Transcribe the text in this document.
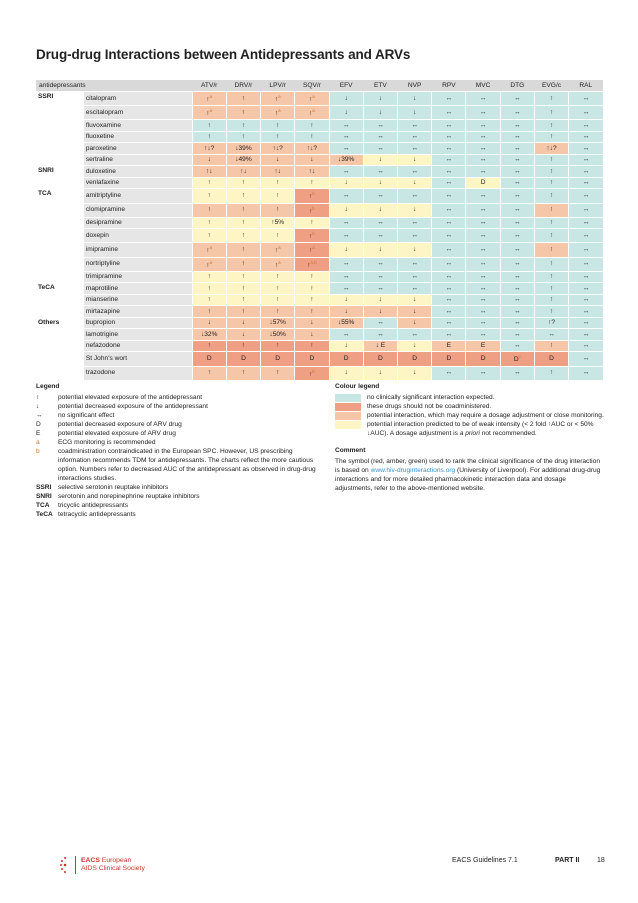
Drug-drug Interactions between Antidepressants and ARVs
antidepressants		ATV/r	DRV/r	LPV/r	SQV/r	EFV	ETV	NVP	RPV	MVC	DTG	EVG/c	RAL
SSRI	citalopram	↑$^a$	↑	↑$^a$	↑$^a$	↓	↓	↓	↔	↔	↔	↑	↔
	escitalopram	↑$^a$	↑	↑$^a$	↑$^a$	↓	↓	↓	↔	↔	↔	↑	↔
	fluvoxamine	↑	↑	↑	↑	↔	↔	↔	↔	↔	↔	↑	↔
	fluoxetine	↑	↑	↑	↑	↔	↔	↔	↔	↔	↔	↑	↔
	paroxetine	↑↓?	↓39%	↑↓?	↑↓?	↔	↔	↔	↔	↔	↔	↑↓?	↔
	sertraline	↓	↓49%	↓	↓	↓39%	↓	↓	↔	↔	↔	↑	↔
SNRI	duloxetine	↑↓	↑↓	↑↓	↑↓	↔	↔	↔	↔	↔	↔	↑	↔
	venlafaxine	↑	↑	↑	↑	↓	↓	↓	↔	D	↔	↑	↔
TCA	amitriptyline	↑	↑	↑	↑$^b$	↔	↔	↔	↔	↔	↔	↑	↔
	clomipramine	↑	↑	↑	↑$^b$	↓	↓	↓	↔	↔	↔	↑	↔
	desipramine	↑	↑	↑5%	↑	↔	↔	↔	↔	↔	↔	↑	↔
	doxepin	↑	↑	↑	↑$^b$	↔	↔	↔	↔	↔	↔	↑	↔
	imipramine	↑$^a$	↑	↑$^a$	↑$^a$	↓	↓	↓	↔	↔	↔	↑	↔
	nortriptyline	↑$^a$	↑	↑$^a$	↑$^{a,b}$	↔	↔	↔	↔	↔	↔	↑	↔
	trimipramine	↑	↑	↑	↑	↔	↔	↔	↔	↔	↔	↑	↔
TeCA	maprotiline	↑	↑	↑	↑	↔	↔	↔	↔	↔	↔	↑	↔
	mianserine	↑	↑	↑	↑	↓	↓	↓	↔	↔	↔	↑	↔
	mirtazapine	↑	↑	↑	↑	↓	↓	↓	↔	↔	↔	↑	↔
Others	bupropion	↓	↓	↓57%	↓	↓55%	↔	↓	↔	↔	↔	↑?	↔
	lamotrigine	↓32%	↓	↓50%	↓	↔	↔	↔	↔	↔	↔	↔	↔
	nefazodone	↑	↑	↑	↑	↓	↓ E	↓	E	E	↔	↑	↔
	St John's wort	D	D	D	D	D	D	D	D	D	$D^c$	D	↔
	trazodone	↑	↑	↑	↑$^b$	↓	↓	↓	↔	↔	↔	↑	↔
Legend
↑	potential elevated exposure of the antidepressant
↓	potential decreased exposure of the antidepressant
↔	no significant effect
D	potential decreased exposure of ARV drug
E	potential elevated exposure of ARV drug
a	ECG monitoring is recommended
b	coadministration contraindicated in the European SPC. However, US prescribing information recommends TDM for antidepressants. The charts reflect the more cautious option. Numbers refer to decreased AUC of the antidepressant as observed in drug-drug interactions studies.
SSRI	selective serotonin reuptake inhibitors
SNRI serotonin and norepinephrine reuptake inhibitors
TCA	tricyclic antidepressants
TeCA tetracyclic antidepressants
Colour legend
no clinically significant interaction expected.
these drugs should not be coadministered.
potential interaction, which may require a dosage adjustment or close monitoring.
potential interaction predicted to be of weak intensity (< 2 fold ↑AUC or < 50% ↓AUC). A dosage adjustment is a priori not recommended.
Comment
The symbol (red, amber, green) used to rank the clinical significance of the drug interaction is based on www.hiv-druginteractions.org (University of Liverpool). For additional drug-drug interactions and for more detailed pharmacokinetic interaction data and dosage adjustments, refer to the above-mentioned website.
EACS European
AIDS Clinical Society
EACS Guidelines 7.1	PART II	18
